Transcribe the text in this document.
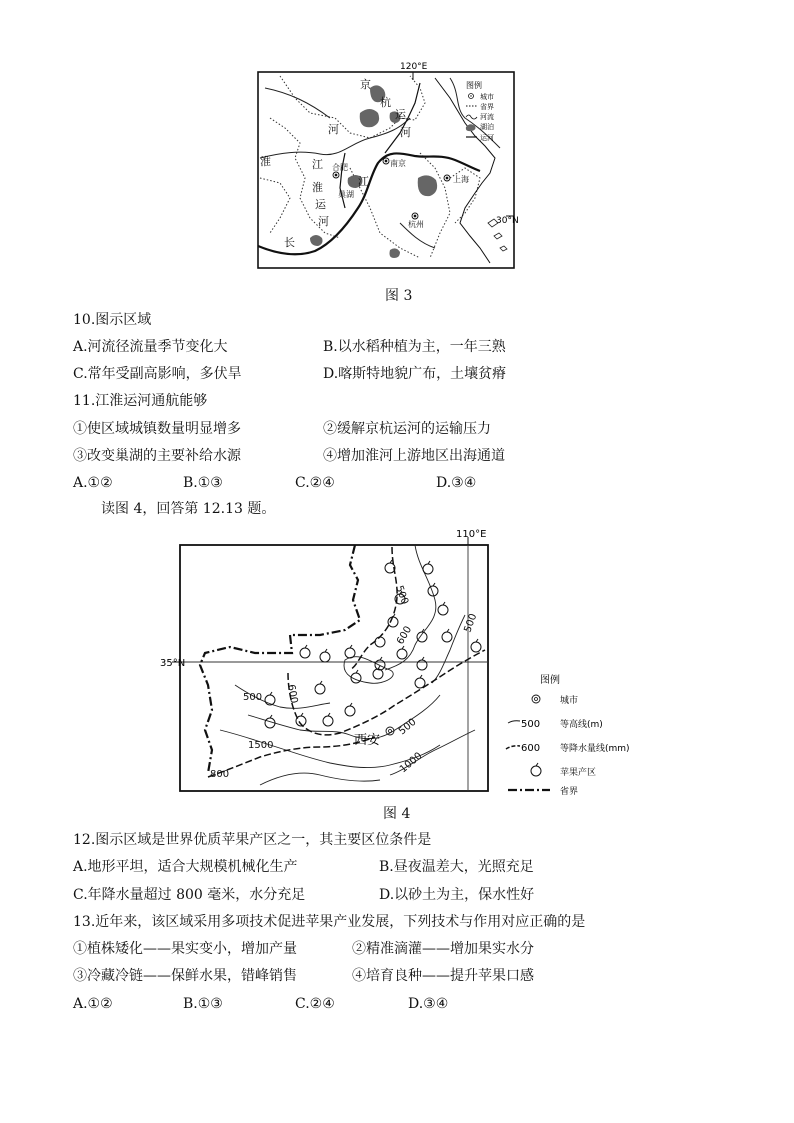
120°E
30°N
京
杭
运
河
河
淮	江
淮
运
河
江
长
合肥
巢湖
南京
上海
杭州
图例
城市
省界
河流
湖泊
运河
图 3
10.图示区域
A.河流径流量季节变化大	B.以水稻种植为主，一年三熟
C.常年受副高影响，多伏旱	D.喀斯特地貌广布，土壤贫瘠
11.江淮运河通航能够
①使区域城镇数量明显增多	②缓解京杭运河的运输压力
③改变巢湖的主要补给水源	④增加淮河上游地区出海通道
A.①②	B.①③	C.②④	D.③④
读图 4，回答第 12.13 题。
110°E
35°N
500
600
500
500 600
1500
1000
800
500
西安
图例
城市
500 等高线(m)
600 等降水量线(mm)
苹果产区
省界
图 4
12.图示区域是世界优质苹果产区之一，其主要区位条件是
A.地形平坦，适合大规模机械化生产	B.昼夜温差大，光照充足
C.年降水量超过 800 毫米，水分充足	D.以砂土为主，保水性好
13.近年来，该区域采用多项技术促进苹果产业发展，下列技术与作用对应正确的是
①植株矮化——果实变小，增加产量	②精准滴灌——增加果实水分
③冷藏冷链——保鲜水果，错峰销售	④培育良种——提升苹果口感
A.①②	B.①③	C.②④	D.③④
